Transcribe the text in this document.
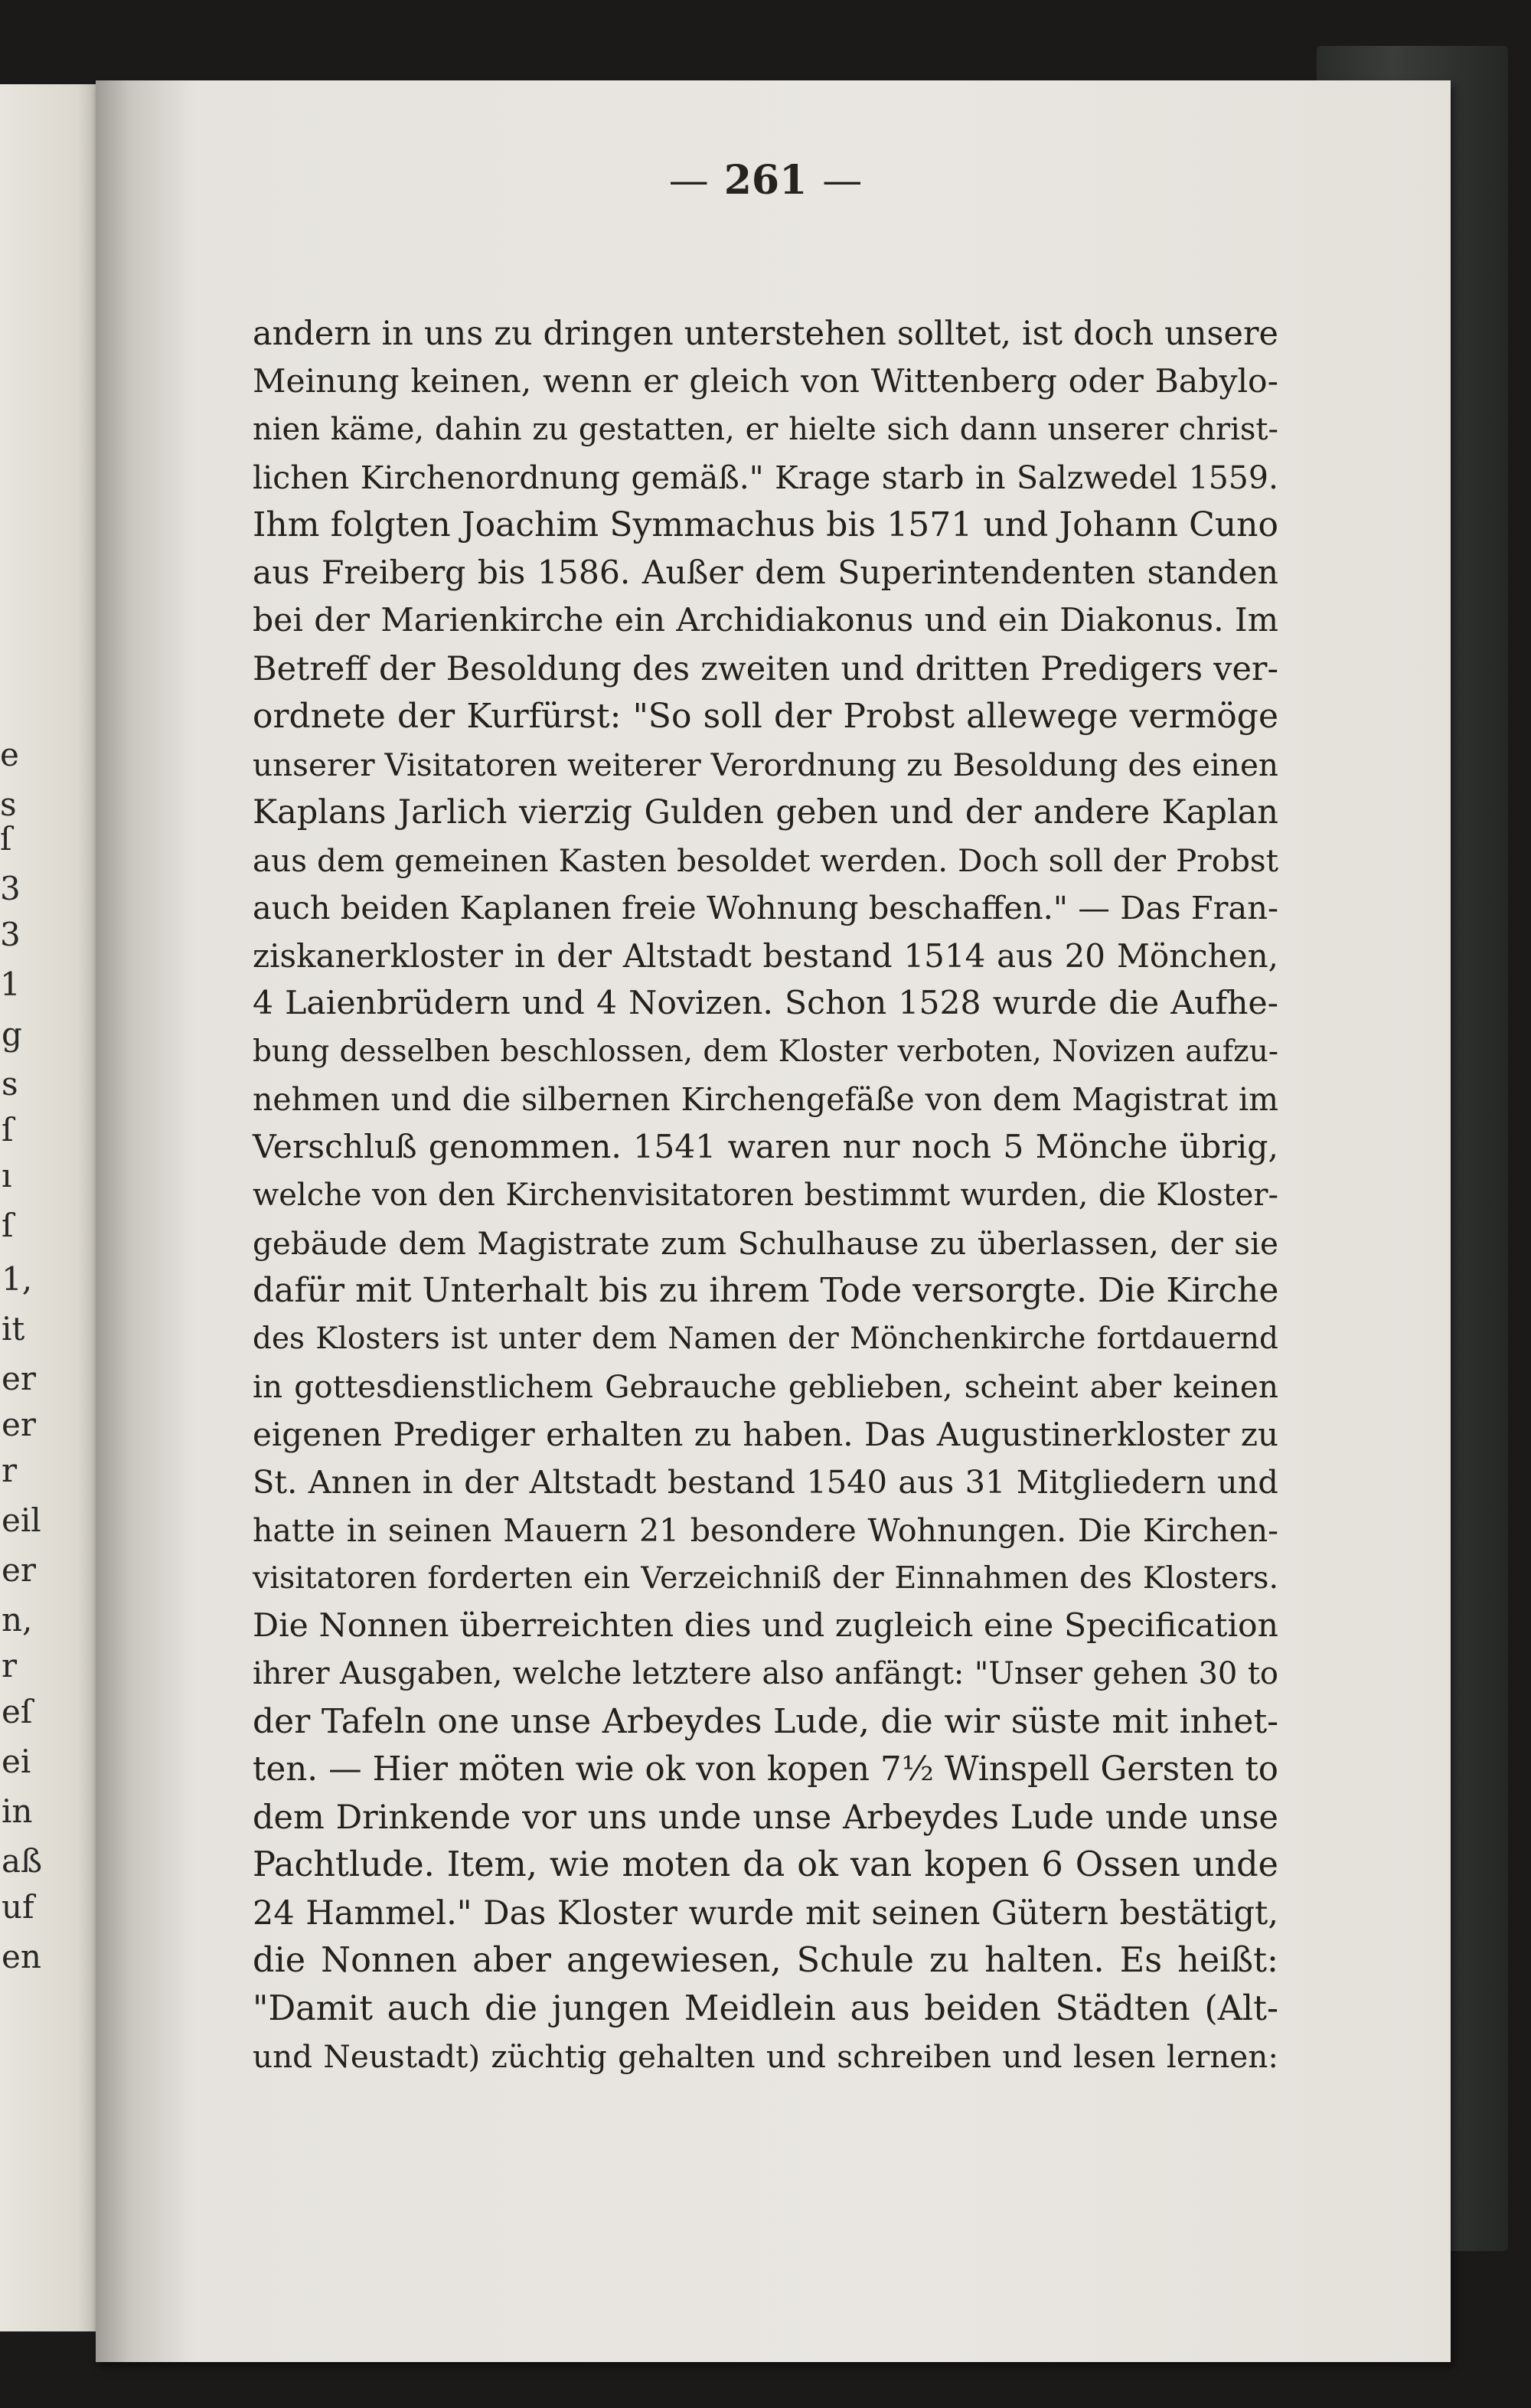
e
s
ſ
3
3
1
g
s
ſ
ı
ſ
1,
it
er
er
r
eil
er
n,
r
eſ
ei
in
aß
uf
en
— 261 —
andern in uns zu dringen unterstehen solltet, ist doch unsere
Meinung keinen, wenn er gleich von Wittenberg oder Babylo-
nien käme, dahin zu gestatten, er hielte sich dann unserer christ-
lichen Kirchenordnung gemäß." Krage starb in Salzwedel 1559.
Ihm folgten Joachim Symmachus bis 1571 und Johann Cuno
aus Freiberg bis 1586. Außer dem Superintendenten standen
bei der Marienkirche ein Archidiakonus und ein Diakonus. Im
Betreff der Besoldung des zweiten und dritten Predigers ver-
ordnete der Kurfürst: "So soll der Probst allewege vermöge
unserer Visitatoren weiterer Verordnung zu Besoldung des einen
Kaplans Jarlich vierzig Gulden geben und der andere Kaplan
aus dem gemeinen Kasten besoldet werden. Doch soll der Probst
auch beiden Kaplanen freie Wohnung beschaffen." — Das Fran-
ziskanerkloster in der Altstadt bestand 1514 aus 20 Mönchen,
4 Laienbrüdern und 4 Novizen. Schon 1528 wurde die Aufhe-
bung desselben beschlossen, dem Kloster verboten, Novizen aufzu-
nehmen und die silbernen Kirchengefäße von dem Magistrat im
Verschluß genommen. 1541 waren nur noch 5 Mönche übrig,
welche von den Kirchenvisitatoren bestimmt wurden, die Kloster-
gebäude dem Magistrate zum Schulhause zu überlassen, der sie
dafür mit Unterhalt bis zu ihrem Tode versorgte. Die Kirche
des Klosters ist unter dem Namen der Mönchenkirche fortdauernd
in gottesdienstlichem Gebrauche geblieben, scheint aber keinen
eigenen Prediger erhalten zu haben. Das Augustinerkloster zu
St. Annen in der Altstadt bestand 1540 aus 31 Mitgliedern und
hatte in seinen Mauern 21 besondere Wohnungen. Die Kirchen-
visitatoren forderten ein Verzeichniß der Einnahmen des Klosters.
Die Nonnen überreichten dies und zugleich eine Specification
ihrer Ausgaben, welche letztere also anfängt: "Unser gehen 30 to
der Tafeln one unse Arbeydes Lude, die wir süste mit inhet-
ten. — Hier möten wie ok von kopen 7½ Winspell Gersten to
dem Drinkende vor uns unde unse Arbeydes Lude unde unse
Pachtlude. Item, wie moten da ok van kopen 6 Ossen unde
24 Hammel." Das Kloster wurde mit seinen Gütern bestätigt,
die Nonnen aber angewiesen, Schule zu halten. Es heißt:
"Damit auch die jungen Meidlein aus beiden Städten (Alt-
und Neustadt) züchtig gehalten und schreiben und lesen lernen:
